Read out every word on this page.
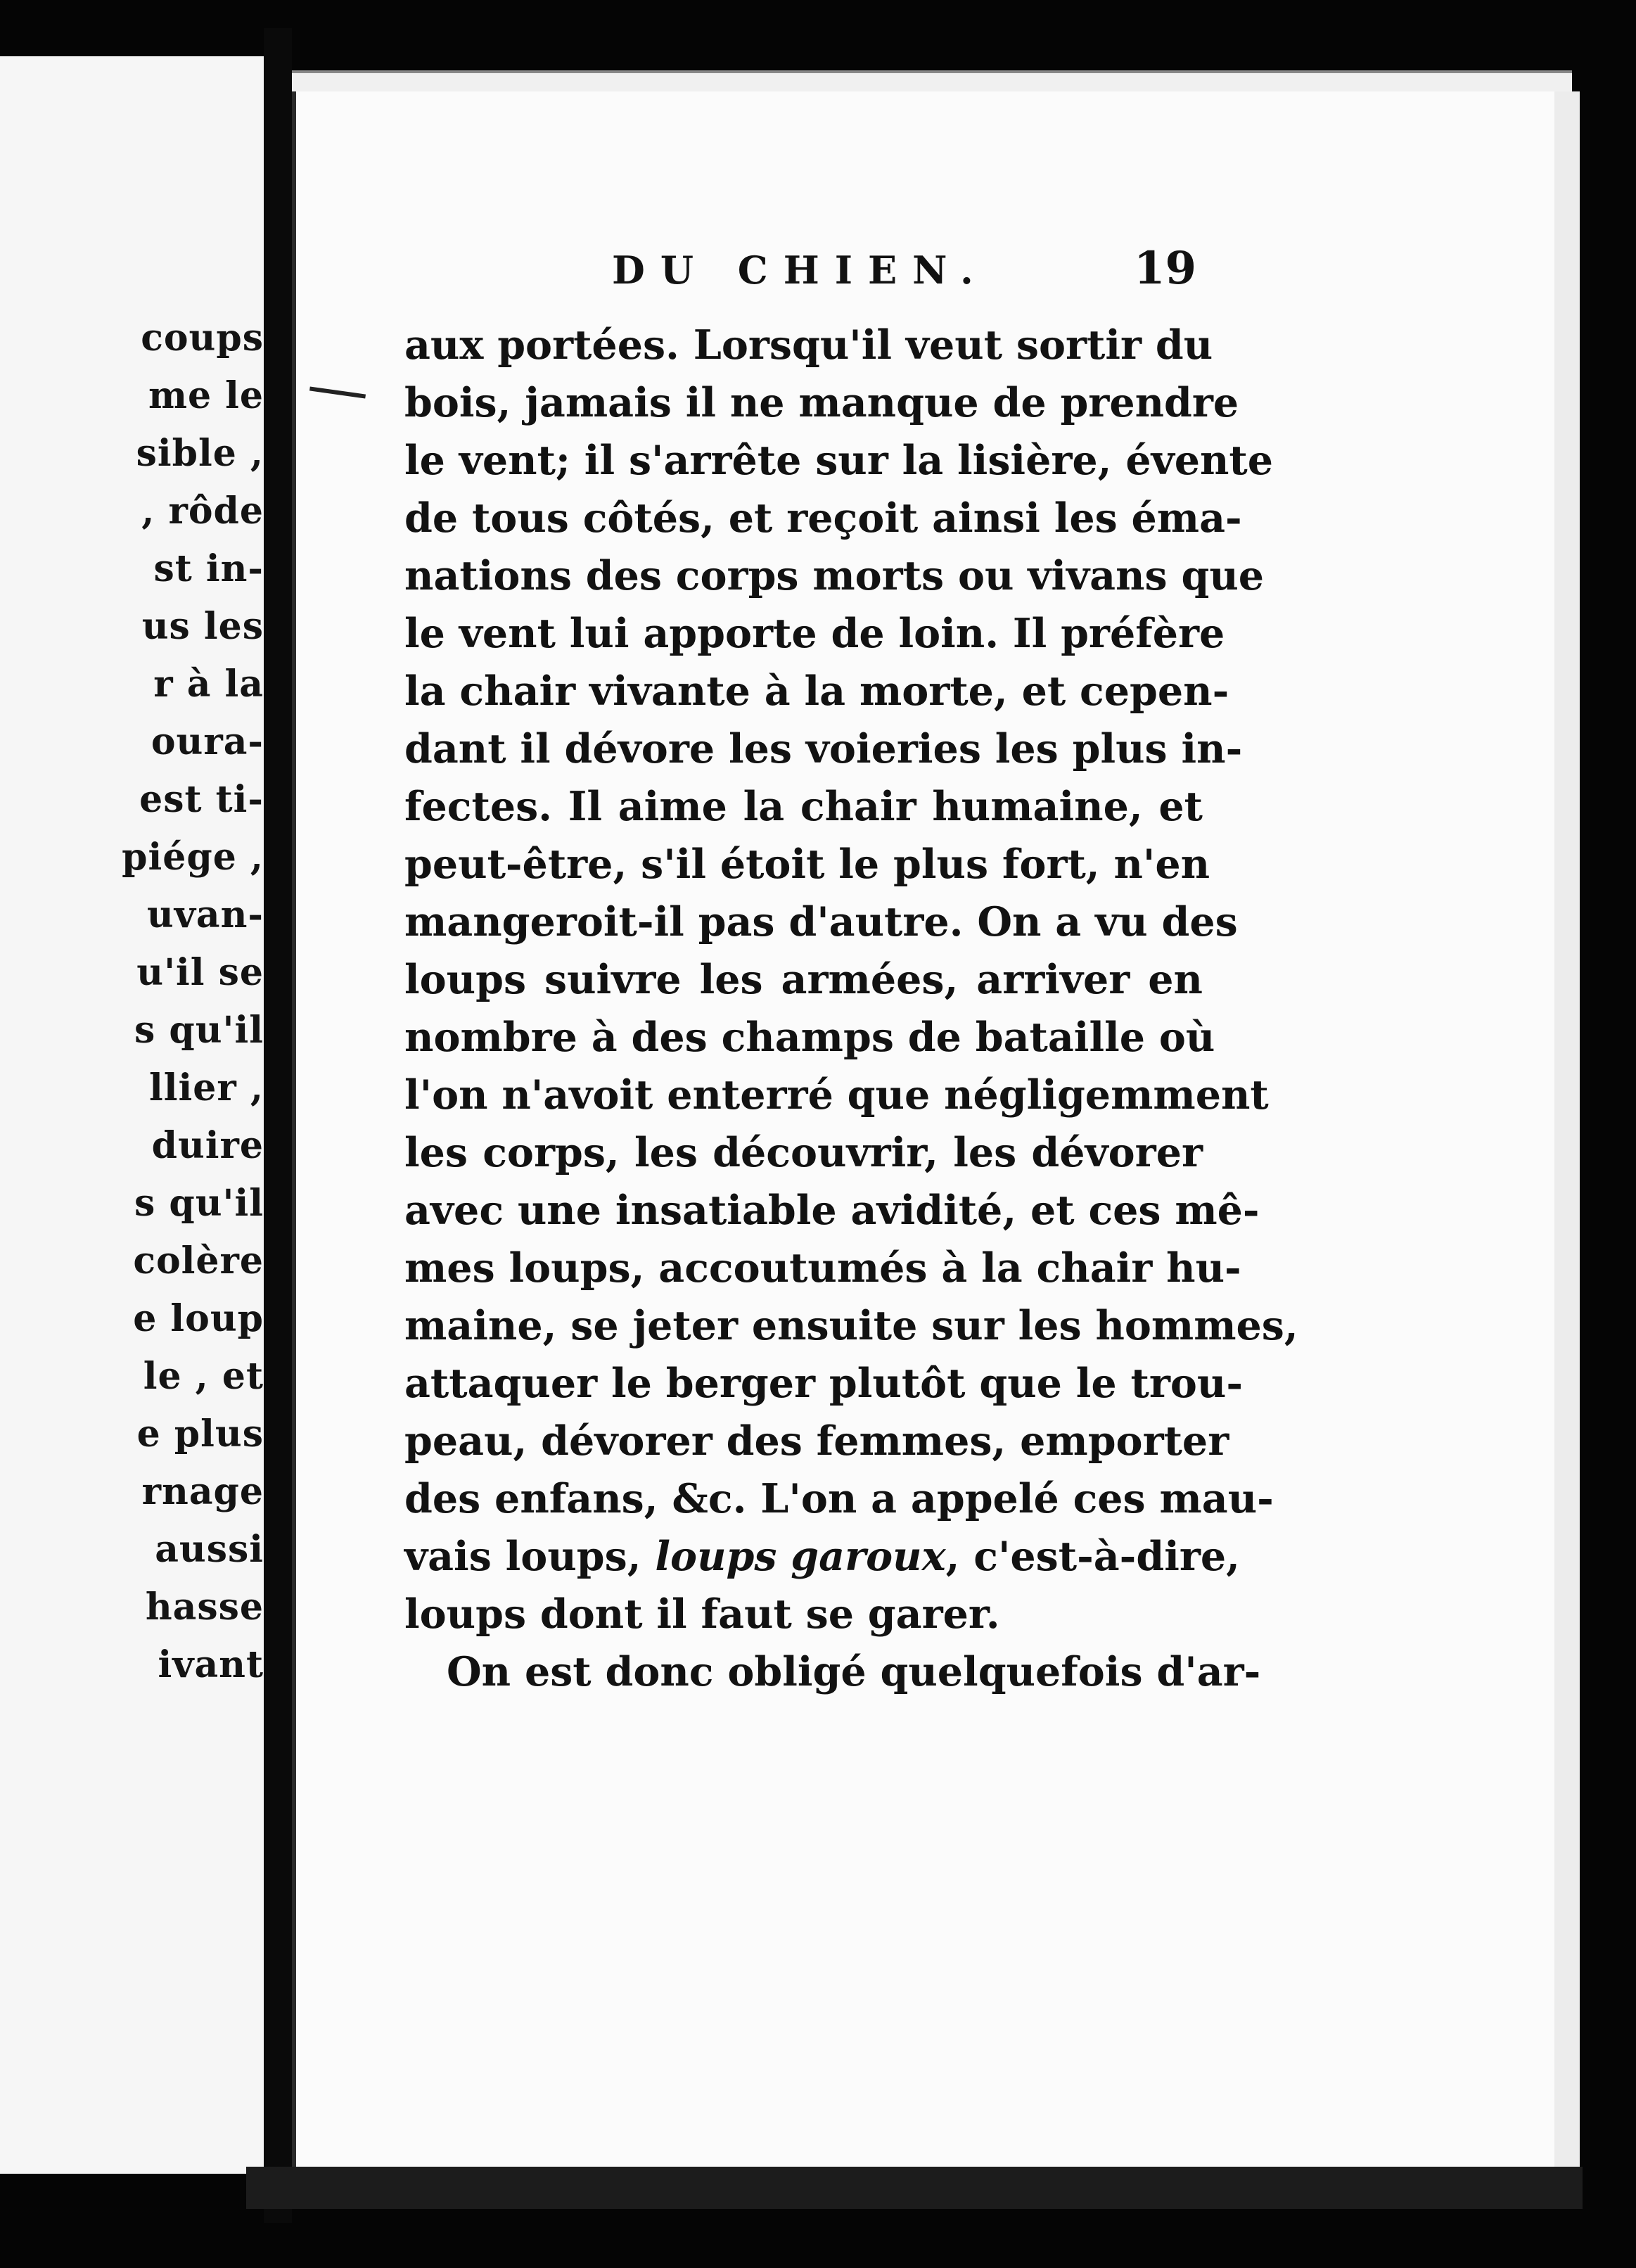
coups
me le
sible ,
, rôde
st in-
us les
r à la
oura-
est ti-
piége ,
uvan-
u'il se
s qu'il
llier ,
duire
s qu'il
colère
e loup
le , et
e plus
rnage
aussi
hasse
ivant
DU CHIEN.	19
aux portées. Lorsqu'il veut sortir du
bois, jamais il ne manque de prendre
le vent; il s'arrête sur la lisière, évente
de tous côtés, et reçoit ainsi les éma-
nations des corps morts ou vivans que
le vent lui apporte de loin. Il préfère
la chair vivante à la morte, et cepen-
dant il dévore les voieries les plus in-
fectes. Il aime la chair humaine, et
peut-être, s'il étoit le plus fort, n'en
mangeroit-il pas d'autre. On a vu des
loups suivre les armées, arriver en
nombre à des champs de bataille où
l'on n'avoit enterré que négligemment
les corps, les découvrir, les dévorer
avec une insatiable avidité, et ces mê-
mes loups, accoutumés à la chair hu-
maine, se jeter ensuite sur les hommes,
attaquer le berger plutôt que le trou-
peau, dévorer des femmes, emporter
des enfans, &c. L'on a appelé ces mau-
vais loups, loups garoux, c'est-à-dire,
loups dont il faut se garer.
On est donc obligé quelquefois d'ar-
